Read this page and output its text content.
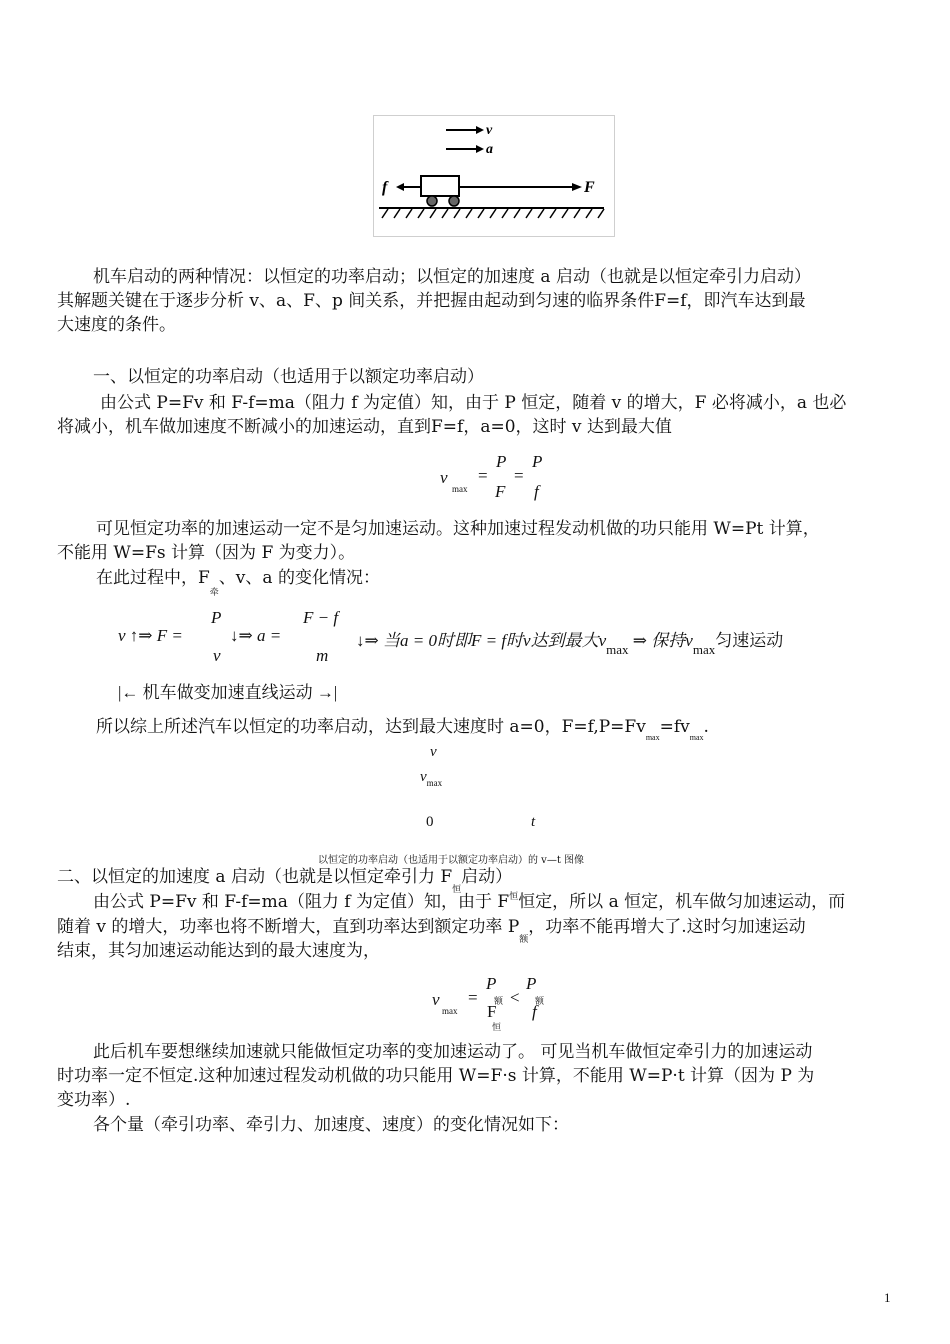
v
a
f	F
机车启动的两种情况：以恒定的功率启动；以恒定的加速度 a 启动（也就是以恒定牵引力启动）
其解题关键在于逐步分析 v、a、F、p 间关系，并把握由起动到匀速的临界条件F=f，即汽车达到最
大速度的条件。
一、以恒定的功率启动（也适用于以额定功率启动）
由公式 P=Fv 和 F-f=ma（阻力 f 为定值）知，由于 P 恒定，随着 v 的增大，F 必将减小，a 也必
将减小，机车做加速度不断减小的加速运动，直到F=f，a=0，这时 v 达到最大值
v
max
=
P
F
=
P
f
可见恒定功率的加速运动一定不是匀加速运动。这种加速过程发动机做的功只能用 W=Pt 计算，
不能用 W=Fs 计算（因为 F 为变力）。
在此过程中，$F_牵$、v、a 的变化情况：
v ↑⇒ F =
P
v
↓⇒ a =
F − f
m
↓⇒ 当a = 0时即F = f时v达到最大$v_{max}$ ⇒ 保持$v_{max}$匀速运动
|← 机车做变加速直线运动 →|
所以综上所述汽车以恒定的功率启动，达到最大速度时 a=0，$F=f,P=Fv_{max}=fv_{max}$.
v
$v_{max}$
0	t
以恒定的功率启动（也适用于以额定功率启动）的 v—t 图像
二、以恒定的加速度 a 启动（也就是以恒定牵引力 $F_恒$启动）
由公式 P=Fv 和 F-f=ma（阻力 f 为定值）知，由于 $F^恒$恒定，所以 a 恒定，机车做匀加速运动，而
随着 v 的增大，功率也将不断增大，直到功率达到额定功率 $P_额$，功率不能再增大了.这时匀加速运动
结束，其匀加速运动能达到的最大速度为，
v
max
=
P
额
F
恒
<
P
额
f
此后机车要想继续加速就只能做恒定功率的变加速运动了。 可见当机车做恒定牵引力的加速运动
时功率一定不恒定.这种加速过程发动机做的功只能用 W=F·s 计算，不能用 W=P·t 计算（因为 P 为
变功率）.
各个量（牵引功率、牵引力、加速度、速度）的变化情况如下：
1
